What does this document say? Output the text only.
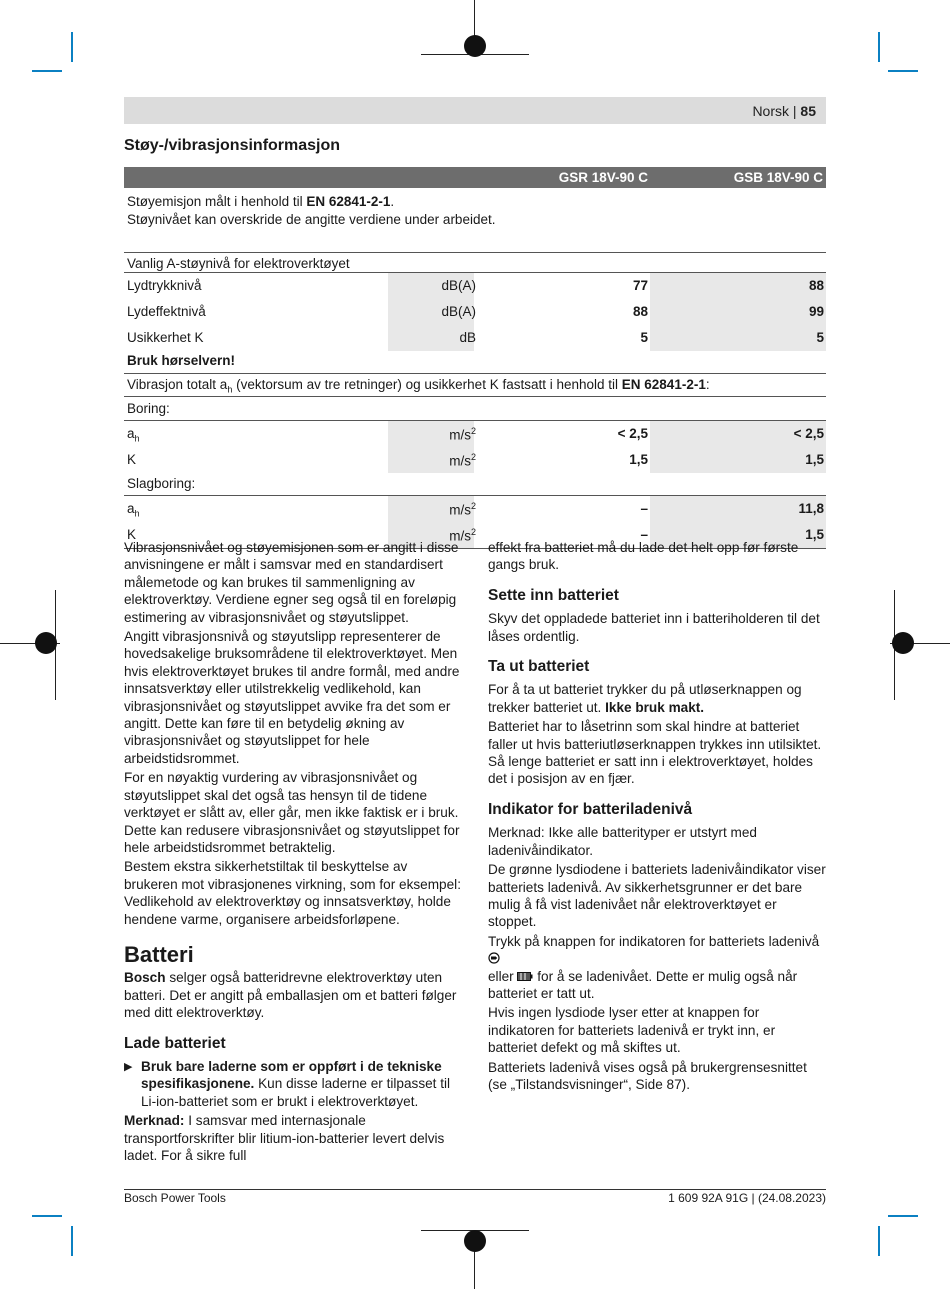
Norsk | 85
Støy-/vibrasjonsinformasjon
GSR 18V-90 C	GSB 18V-90 C
Støyemisjon målt i henhold til EN 62841-2-1.
Støynivået kan overskride de angitte verdiene under arbeidet.
Vanlig A-støynivå for elektroverktøyet
Lydtrykknivå	dB(A)	77	88
Lydeffektnivå	dB(A)	88	99
Usikkerhet K	dB	5	5
Bruk hørselvern!
Vibrasjon totalt $a_h$ (vektorsum av tre retninger) og usikkerhet K fastsatt i henhold til EN 62841-2-1:
Boring:
$a_h$	$m/s^2$	< 2,5	< 2,5
K	$m/s^2$	1,5	1,5
Slagboring:
$a_h$	$m/s^2$	–	11,8
K	$m/s^2$	–	1,5

Vibrasjonsnivået og støyemisjonen som er angitt i disse anvisningene er målt i samsvar med en standardisert målemetode og kan brukes til sammenligning av elektroverktøy. Verdiene egner seg også til en foreløpig estimering av vibrasjonsnivået og støyutslippet.

Angitt vibrasjonsnivå og støyutslipp representerer de hovedsakelige bruksområdene til elektroverktøyet. Men hvis elektroverktøyet brukes til andre formål, med andre innsatsverktøy eller utilstrekkelig vedlikehold, kan vibrasjonsnivået og støyutslippet avvike fra det som er angitt. Dette kan føre til en betydelig økning av vibrasjonsnivået og støyutslippet for hele arbeidstidsrommet.

For en nøyaktig vurdering av vibrasjonsnivået og støyutslippet skal det også tas hensyn til de tidene verktøyet er slått av, eller går, men ikke faktisk er i bruk. Dette kan redusere vibrasjonsnivået og støyutslippet for hele arbeidstidsrommet betraktelig.

Bestem ekstra sikkerhetstiltak til beskyttelse av brukeren mot vibrasjonenes virkning, som for eksempel: Vedlikehold av elektroverktøy og innsatsverktøy, holde hendene varme, organisere arbeidsforløpene.

Batteri

Bosch selger også batteridrevne elektroverktøy uten batteri. Det er angitt på emballasjen om et batteri følger med ditt elektroverktøy.

Lade batteriet
▶ Bruk bare laderne som er oppført i de tekniske spesifikasjonene. Kun disse laderne er tilpasset til Li-ion-batteriet som er brukt i elektroverktøyet.

Merknad: I samsvar med internasjonale transportforskrifter blir litium-ion-batterier levert delvis ladet. For å sikre full

effekt fra batteriet må du lade det helt opp før første gangs bruk.

Sette inn batteriet

Skyv det oppladede batteriet inn i batteriholderen til det låses ordentlig.

Ta ut batteriet

For å ta ut batteriet trykker du på utløserknappen og trekker batteriet ut. Ikke bruk makt.

Batteriet har to låsetrinn som skal hindre at batteriet faller ut hvis batteriutløserknappen trykkes inn utilsiktet. Så lenge batteriet er satt inn i elektroverktøyet, holdes det i posisjon av en fjær.

Indikator for batteriladenivå

Merknad: Ikke alle batterityper er utstyrt med ladenivåindikator.

De grønne lysdiodene i batteriets ladenivåindikator viser batteriets ladenivå. Av sikkerhetsgrunner er det bare mulig å få vist ladenivået når elektroverktøyet er stoppet.

Trykk på knappen for indikatoren for batteriets ladenivå
eller  for å se ladenivået. Dette er mulig også når batteriet er tatt ut.

Hvis ingen lysdiode lyser etter at knappen for indikatoren for batteriets ladenivå er trykt inn, er batteriet defekt og må skiftes ut.

Batteriets ladenivå vises også på brukergrensesnittet (se „Tilstandsvisninger“, Side 87).

Bosch Power Tools	1 609 92A 91G | (24.08.2023)
